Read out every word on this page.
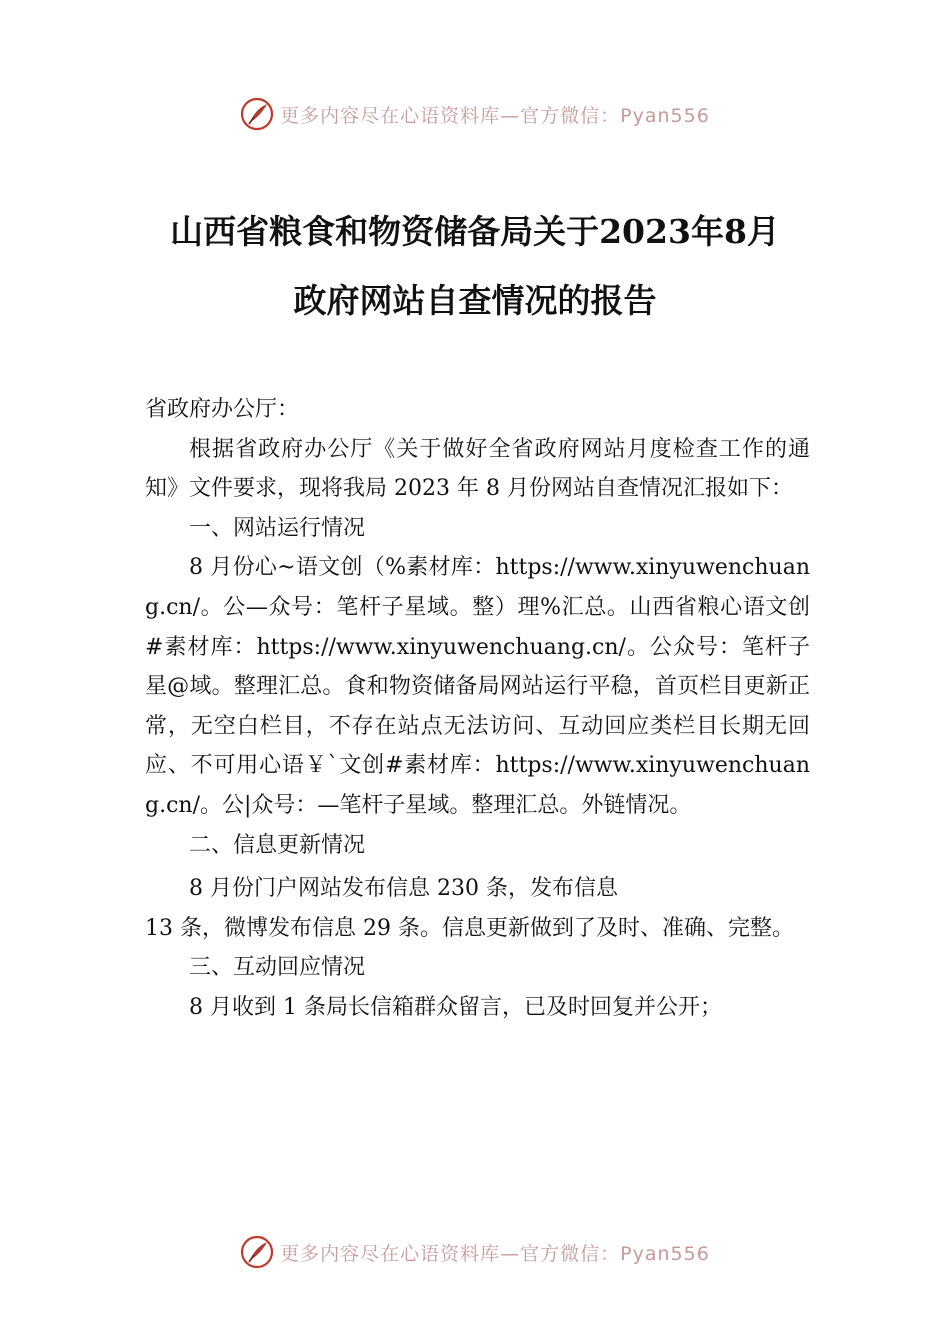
更多内容尽在心语资料库—官方微信：Pyan556
山西省粮食和物资储备局关于2023年8月
政府网站自查情况的报告

省政府办公厅：

根据省政府办公厅《关于做好全省政府网站月度检查工作的通知》文件要求，现将我局 2023 年 8 月份网站自查情况汇报如下：

一、网站运行情况

8 月份心~语文创（%素材库：https://www.xinyuwenchuang.cn/。公—众号：笔杆子星域。整）理%汇总。山西省粮心语文创#素材库：https://www.xinyuwenchuang.cn/。公众号：笔杆子星@域。整理汇总。食和物资储备局网站运行平稳，首页栏目更新正常，无空白栏目，不存在站点无法访问、互动回应类栏目长期无回应、不可用心语￥`文创#素材库：https://www.xinyuwenchuang.cn/。公|众号：—笔杆子星域。整理汇总。外链情况。

二、信息更新情况

8 月份门户网站发布信息 230 条，发布信息

13 条，微博发布信息 29 条。信息更新做到了及时、准确、完整。

三、互动回应情况

8 月收到 1 条局长信箱群众留言，已及时回复并公开；

更多内容尽在心语资料库—官方微信：Pyan556
